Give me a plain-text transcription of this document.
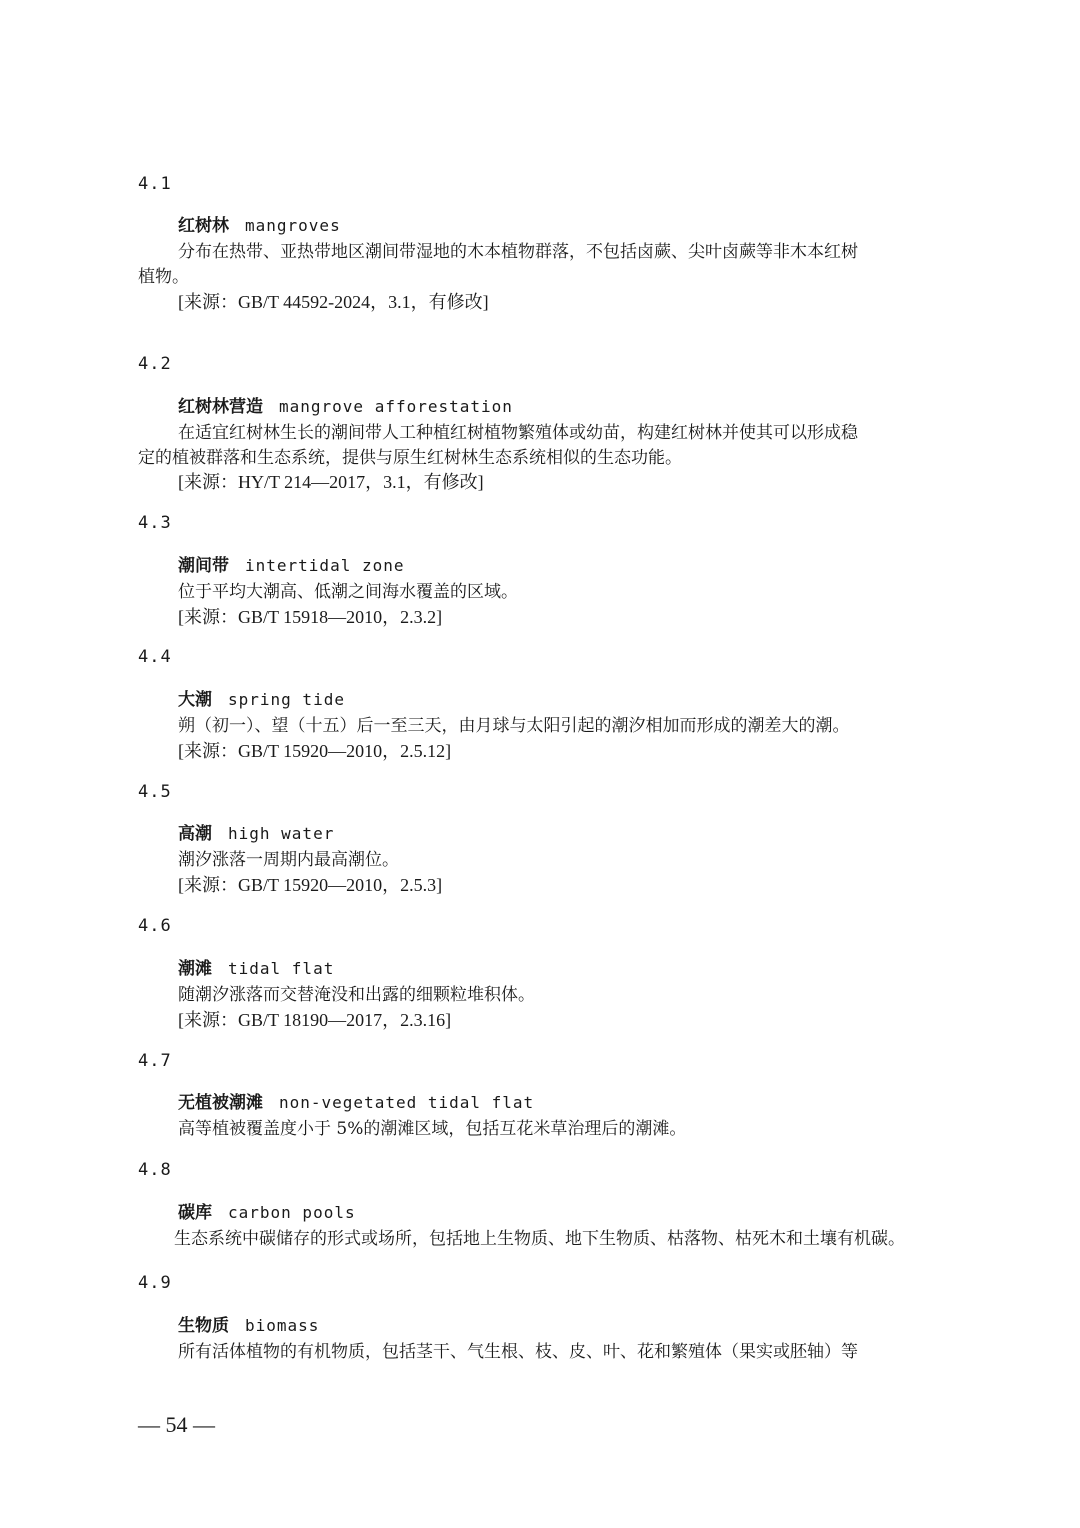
4.1
红树林 mangroves
分布在热带、亚热带地区潮间带湿地的木本植物群落，不包括卤蕨、尖叶卤蕨等非木本红树
植物。
[来源：GB/T 44592-2024，3.1，有修改]
4.2
红树林营造 mangrove afforestation
在适宜红树林生长的潮间带人工种植红树植物繁殖体或幼苗，构建红树林并使其可以形成稳
定的植被群落和生态系统，提供与原生红树林生态系统相似的生态功能。
[来源：HY/T 214—2017，3.1，有修改]
4.3
潮间带 intertidal zone
位于平均大潮高、低潮之间海水覆盖的区域。
[来源：GB/T 15918—2010，2.3.2]
4.4
大潮 spring tide
朔（初一）、望（十五）后一至三天，由月球与太阳引起的潮汐相加而形成的潮差大的潮。
[来源：GB/T 15920—2010，2.5.12]
4.5
高潮 high water
潮汐涨落一周期内最高潮位。
[来源：GB/T 15920—2010，2.5.3]
4.6
潮滩 tidal flat
随潮汐涨落而交替淹没和出露的细颗粒堆积体。
[来源：GB/T 18190—2017，2.3.16]
4.7
无植被潮滩 non-vegetated tidal flat
高等植被覆盖度小于 5%的潮滩区域，包括互花米草治理后的潮滩。
4.8
碳库 carbon pools
生态系统中碳储存的形式或场所，包括地上生物质、地下生物质、枯落物、枯死木和土壤有机碳。
4.9
生物质 biomass
所有活体植物的有机物质，包括茎干、气生根、枝、皮、叶、花和繁殖体（果实或胚轴）等
— 54 —
